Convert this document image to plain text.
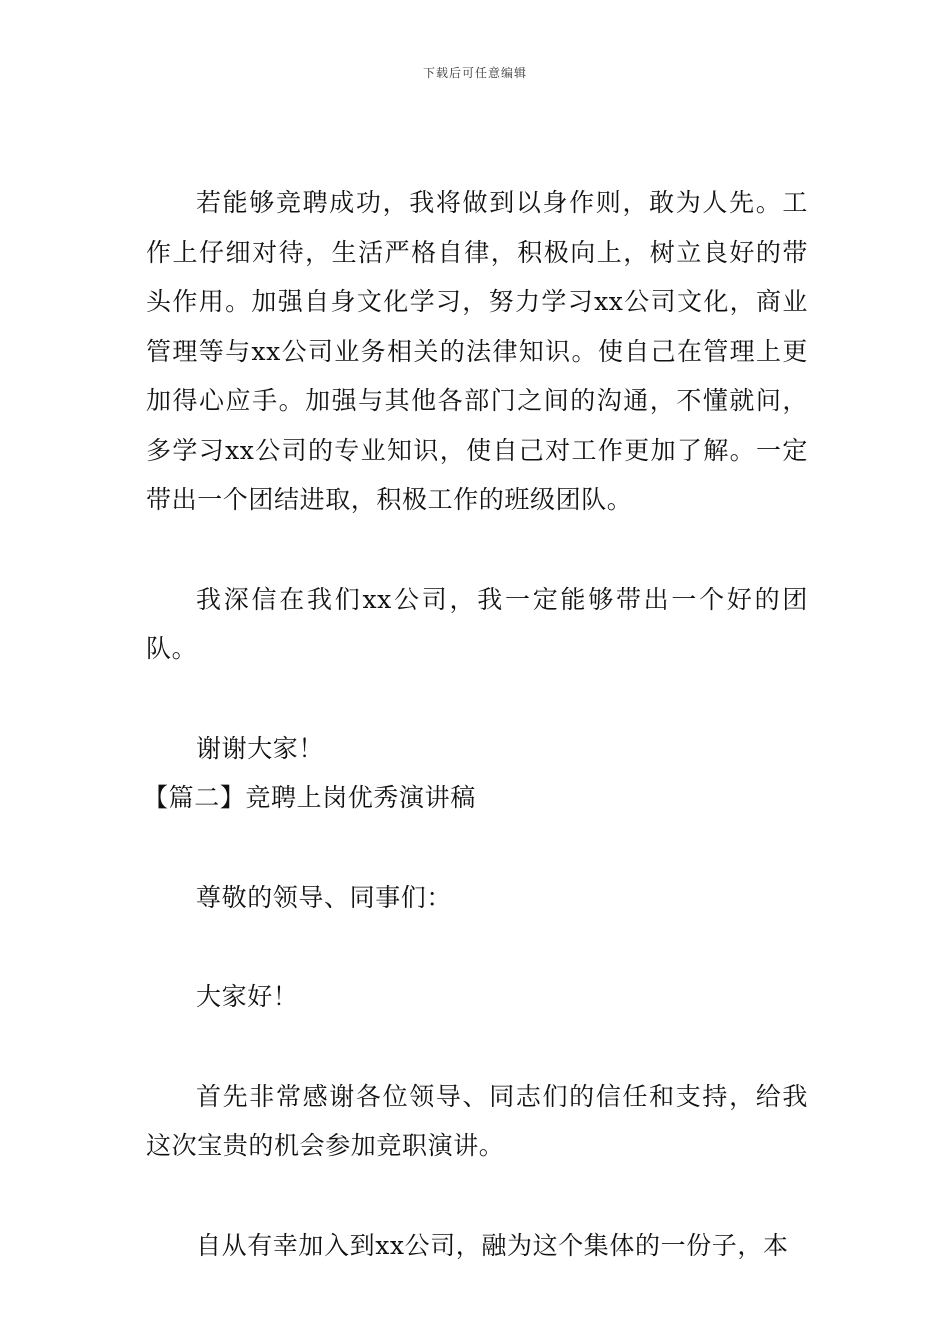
下载后可任意编辑

若能够竞聘成功，我将做到以身作则，敢为人先。工作上仔细对待，生活严格自律，积极向上，树立良好的带头作用。加强自身文化学习，努力学习xx公司文化，商业管理等与xx公司业务相关的法律知识。使自己在管理上更加得心应手。加强与其他各部门之间的沟通，不懂就问，多学习xx公司的专业知识，使自己对工作更加了解。一定带出一个团结进取，积极工作的班级团队。

我深信在我们xx公司，我一定能够带出一个好的团队。

谢谢大家！

【篇二】竞聘上岗优秀演讲稿

尊敬的领导、同事们：

大家好！

首先非常感谢各位领导、同志们的信任和支持，给我这次宝贵的机会参加竞职演讲。

自从有幸加入到xx公司，融为这个集体的一份子，本
